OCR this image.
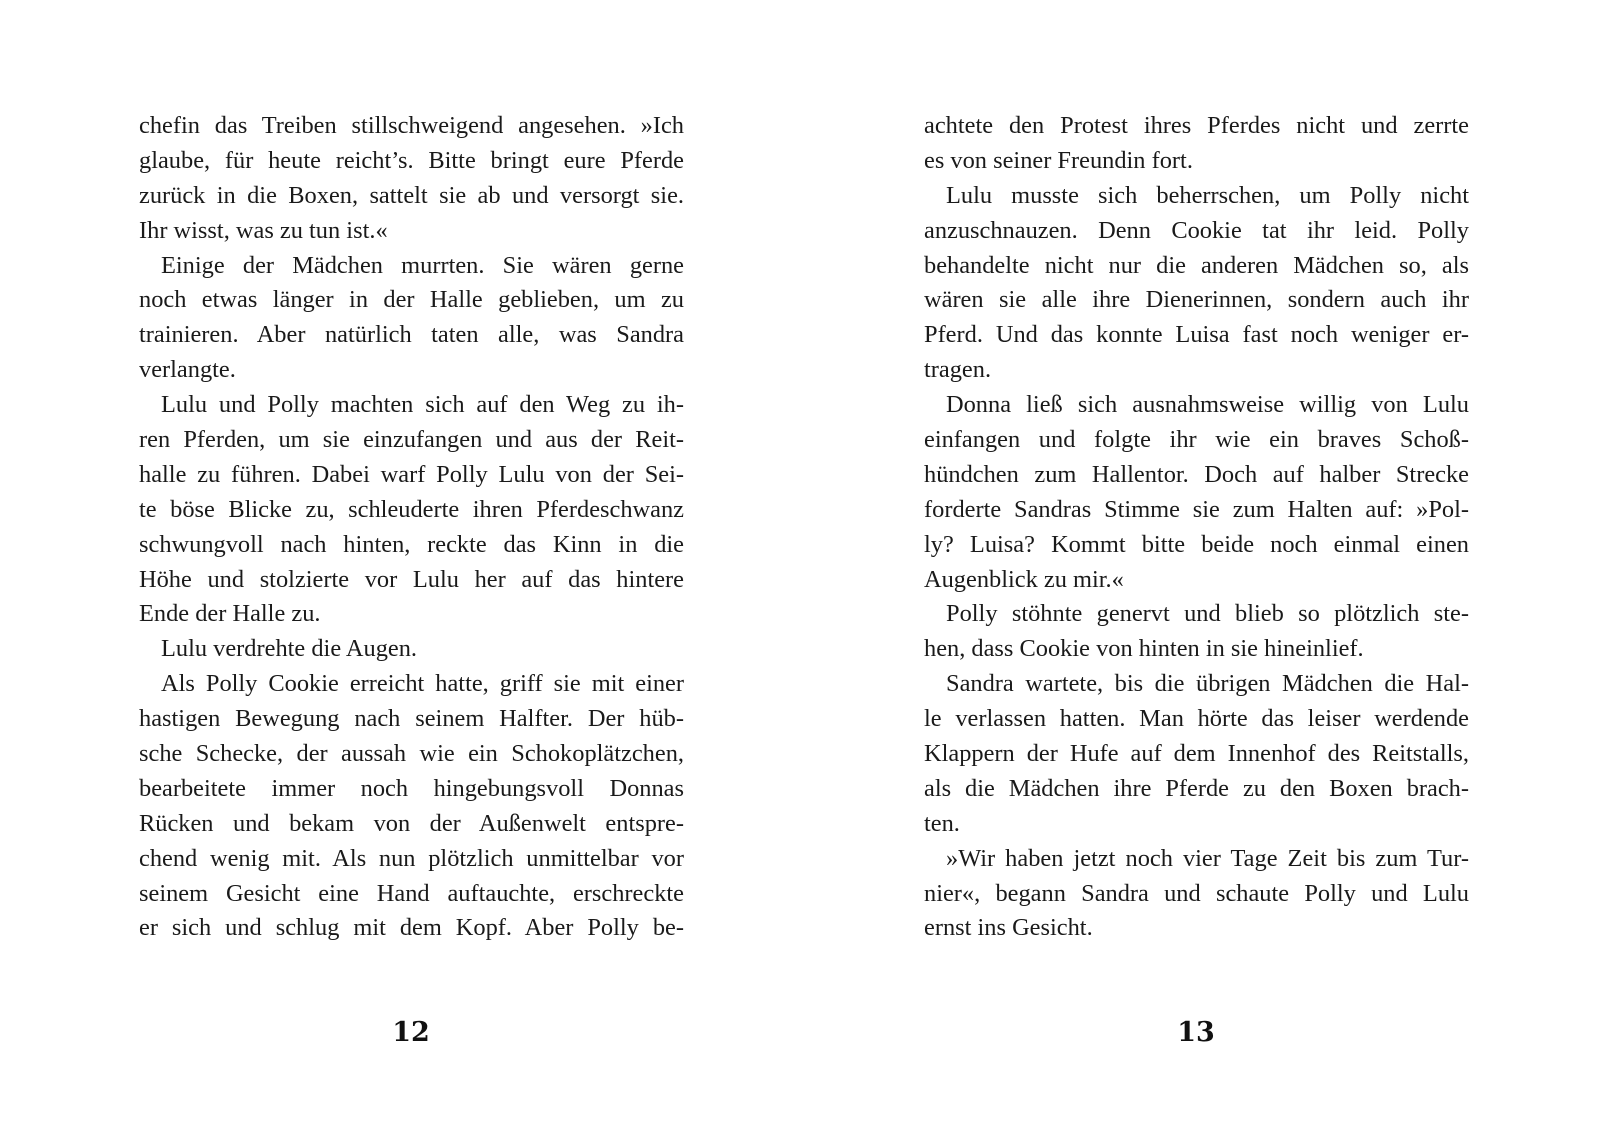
chefin das Treiben stillschweigend angesehen. »Ich

glaube, für heute reicht’s. Bitte bringt eure Pferde

zurück in die Boxen, sattelt sie ab und versorgt sie.

Ihr wisst, was zu tun ist.«

Einige der Mädchen murrten. Sie wären gerne

noch etwas länger in der Halle geblieben, um zu

trainieren. Aber natürlich taten alle, was Sandra

verlangte.

Lulu und Polly machten sich auf den Weg zu ih-

ren Pferden, um sie einzufangen und aus der Reit-

halle zu führen. Dabei warf Polly Lulu von der Sei-

te böse Blicke zu, schleuderte ihren Pferdeschwanz

schwungvoll nach hinten, reckte das Kinn in die

Höhe und stolzierte vor Lulu her auf das hintere

Ende der Halle zu.

Lulu verdrehte die Augen.

Als Polly Cookie erreicht hatte, griff sie mit einer

hastigen Bewegung nach seinem Halfter. Der hüb-

sche Schecke, der aussah wie ein Schokoplätzchen,

bearbeitete immer noch hingebungsvoll Donnas

Rücken und bekam von der Außenwelt entspre-

chend wenig mit. Als nun plötzlich unmittelbar vor

seinem Gesicht eine Hand auftauchte, erschreckte

er sich und schlug mit dem Kopf. Aber Polly be-

12

achtete den Protest ihres Pferdes nicht und zerrte

es von seiner Freundin fort.

Lulu musste sich beherrschen, um Polly nicht

anzuschnauzen. Denn Cookie tat ihr leid. Polly

behandelte nicht nur die anderen Mädchen so, als

wären sie alle ihre Dienerinnen, sondern auch ihr

Pferd. Und das konnte Luisa fast noch weniger er-

tragen.

Donna ließ sich ausnahmsweise willig von Lulu

einfangen und folgte ihr wie ein braves Schoß-

hündchen zum Hallentor. Doch auf halber Strecke

forderte Sandras Stimme sie zum Halten auf: »Pol-

ly? Luisa? Kommt bitte beide noch einmal einen

Augenblick zu mir.«

Polly stöhnte genervt und blieb so plötzlich ste-

hen, dass Cookie von hinten in sie hineinlief.

Sandra wartete, bis die übrigen Mädchen die Hal-

le verlassen hatten. Man hörte das leiser werdende

Klappern der Hufe auf dem Innenhof des Reitstalls,

als die Mädchen ihre Pferde zu den Boxen brach-

ten.

»Wir haben jetzt noch vier Tage Zeit bis zum Tur-

nier«, begann Sandra und schaute Polly und Lulu

ernst ins Gesicht.

13
